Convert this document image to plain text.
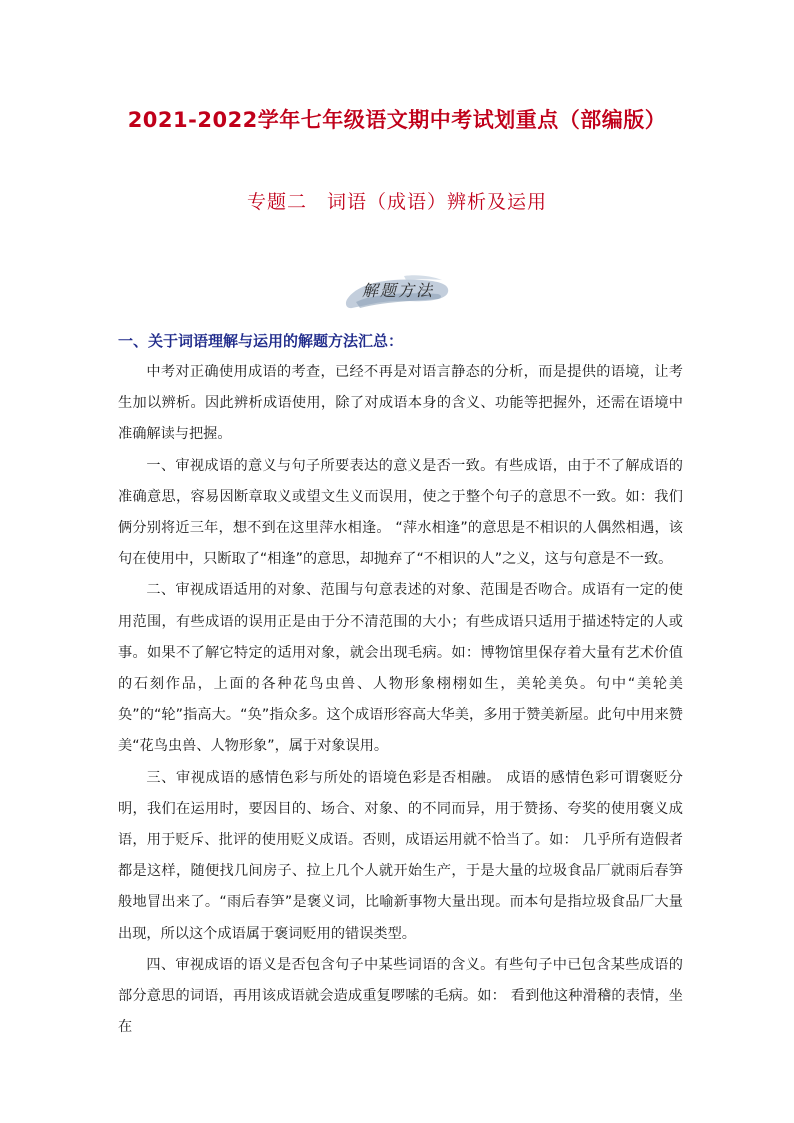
2021-2022学年七年级语文期中考试划重点（部编版）
专题二　词语（成语）辨析及运用
解题方法
一、关于词语理解与运用的解题方法汇总：

中考对正确使用成语的考查，已经不再是对语言静态的分析，而是提供的语境，让考生加以辨析。因此辨析成语使用，除了对成语本身的含义、功能等把握外，还需在语境中准确解读与把握。

一、审视成语的意义与句子所要表达的意义是否一致。有些成语，由于不了解成语的准确意思，容易因断章取义或望文生义而误用，使之于整个句子的意思不一致。如：我们俩分别将近三年，想不到在这里萍水相逢。 “萍水相逢”的意思是不相识的人偶然相遇，该句在使用中，只断取了“相逢”的意思，却抛弃了“不相识的人”之义，这与句意是不一致。

二、审视成语适用的对象、范围与句意表述的对象、范围是否吻合。成语有一定的使用范围，有些成语的误用正是由于分不清范围的大小；有些成语只适用于描述特定的人或事。如果不了解它特定的适用对象，就会出现毛病。如：博物馆里保存着大量有艺术价值的石刻作品，上面的各种花鸟虫兽、人物形象栩栩如生，美轮美奂。句中“美轮美奂”的“轮”指高大。“奂”指众多。这个成语形容高大华美，多用于赞美新屋。此句中用来赞美“花鸟虫兽、人物形象”，属于对象误用。

三、审视成语的感情色彩与所处的语境色彩是否相融。 成语的感情色彩可谓褒贬分明，我们在运用时，要因目的、场合、对象、的不同而异，用于赞扬、夸奖的使用褒义成语，用于贬斥、批评的使用贬义成语。否则，成语运用就不恰当了。如： 几乎所有造假者都是这样，随便找几间房子、拉上几个人就开始生产，于是大量的垃圾食品厂就雨后春笋般地冒出来了。“雨后春笋”是褒义词，比喻新事物大量出现。而本句是指垃圾食品厂大量出现，所以这个成语属于褒词贬用的错误类型。

四、审视成语的语义是否包含句子中某些词语的含义。有些句子中已包含某些成语的部分意思的词语，再用该成语就会造成重复啰嗦的毛病。如： 看到他这种滑稽的表情，坐在
